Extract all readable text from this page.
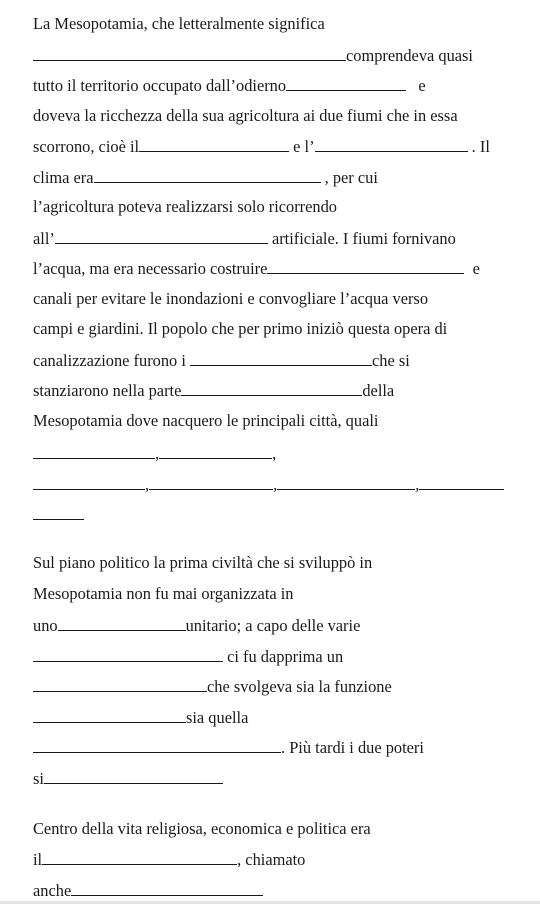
La Mesopotamia, che letteralmente significa
comprendeva quasi
tutto il territorio occupato dall’odierno	e
doveva la ricchezza della sua agricoltura ai due fiumi che in essa
scorrono, cioè il	e l’	. Il
clima era	, per cui
l’agricoltura poteva realizzarsi solo ricorrendo
all’	artificiale. I fiumi fornivano
l’acqua, ma era necessario costruire	e
canali per evitare le inondazioni e convogliare l’acqua verso
campi e giardini. Il popolo che per primo iniziò questa opera di
canalizzazione furono i	che si
stanziarono nella parte	della
Mesopotamia dove nacquero le principali città, quali
,	,
,	,	,
Sul piano politico la prima civiltà che si sviluppò in
Mesopotamia non fu mai organizzata in
uno	unitario; a capo delle varie
ci fu dapprima un
che svolgeva sia la funzione
sia quella
. Più tardi i due poteri
si
Centro della vita religiosa, economica e politica era
il	, chiamato
anche
